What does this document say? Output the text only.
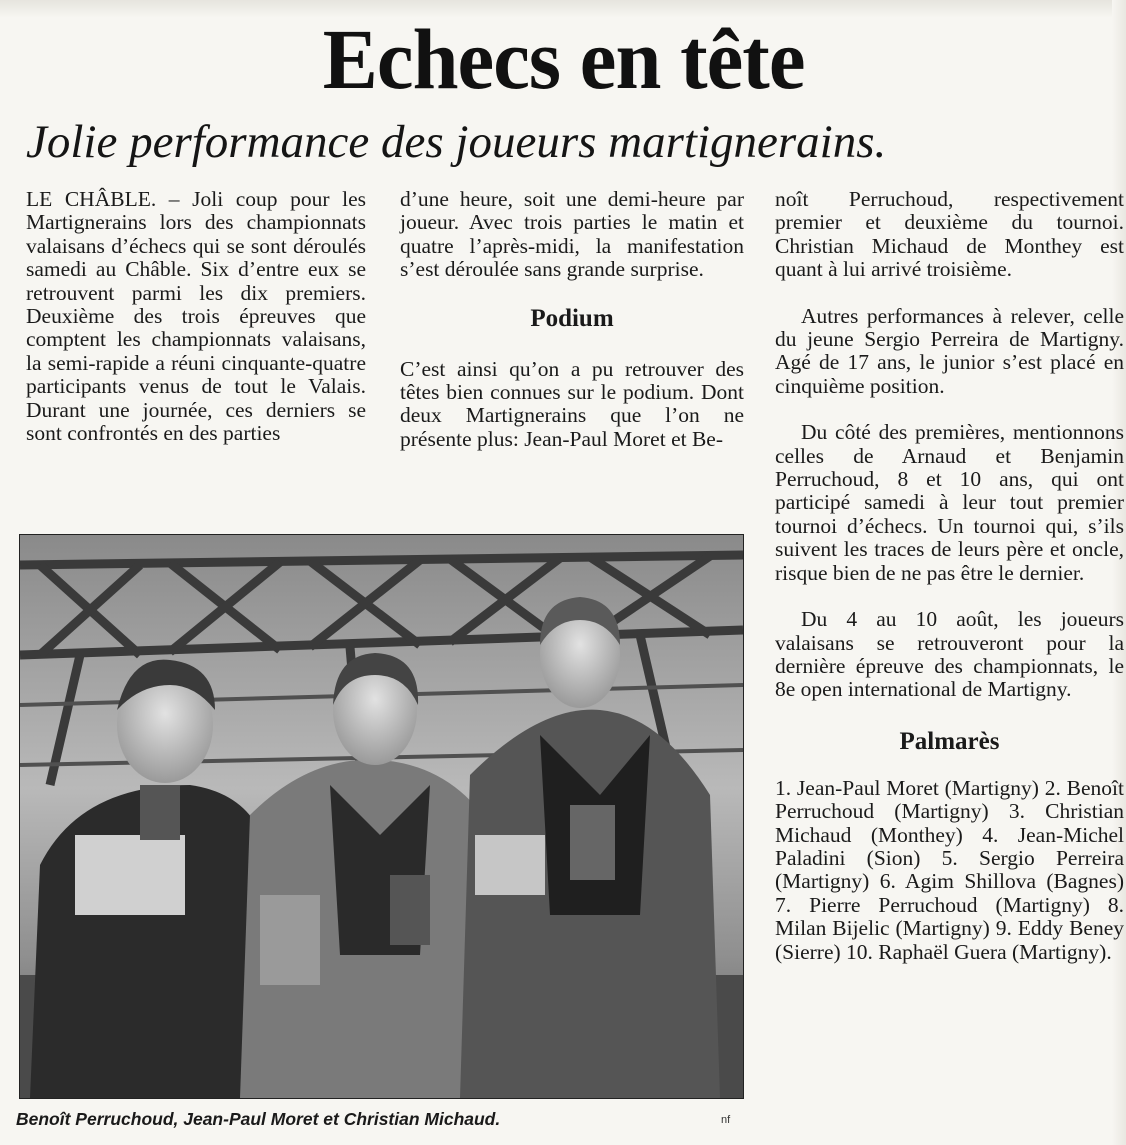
Echecs en tête
Jolie performance des joueurs martignerains.

LE CHÂBLE. – Joli coup pour les Martignerains lors des championnats valaisans d’échecs qui se sont déroulés samedi au Châble. Six d’entre eux se retrouvent parmi les dix premiers. Deuxième des trois épreuves que comptent les championnats valaisans, la semi-rapide a réuni cinquante-quatre participants venus de tout le Valais. Durant une journée, ces derniers se sont confrontés en des parties

d’une heure, soit une demi-heure par joueur. Avec trois parties le matin et quatre l’après-midi, la manifestation s’est déroulée sans grande surprise.

Podium

C’est ainsi qu’on a pu retrouver des têtes bien connues sur le podium. Dont deux Martignerains que l’on ne présente plus: Jean-Paul Moret et Be-

noît Perruchoud, respectivement premier et deuxième du tournoi. Christian Michaud de Monthey est quant à lui arrivé troisième.

Autres performances à relever, celle du jeune Sergio Perreira de Martigny. Agé de 17 ans, le junior s’est placé en cinquième position.

Du côté des premières, mentionnons celles de Arnaud et Benjamin Perruchoud, 8 et 10 ans, qui ont participé samedi à leur tout premier tournoi d’échecs. Un tournoi qui, s’ils suivent les traces de leurs père et oncle, risque bien de ne pas être le dernier.

Du 4 au 10 août, les joueurs valaisans se retrouveront pour la dernière épreuve des championnats, le 8e open international de Martigny.

Palmarès

1. Jean-Paul Moret (Martigny) 2. Benoît Perruchoud (Martigny) 3. Christian Michaud (Monthey) 4. Jean-Michel Paladini (Sion) 5. Sergio Perreira (Martigny) 6. Agim Shillova (Bagnes) 7. Pierre Perruchoud (Martigny) 8. Milan Bijelic (Martigny) 9. Eddy Beney (Sierre) 10. Raphaël Guera (Martigny).

Benoît Perruchoud, Jean-Paul Moret et Christian Michaud.	nf
